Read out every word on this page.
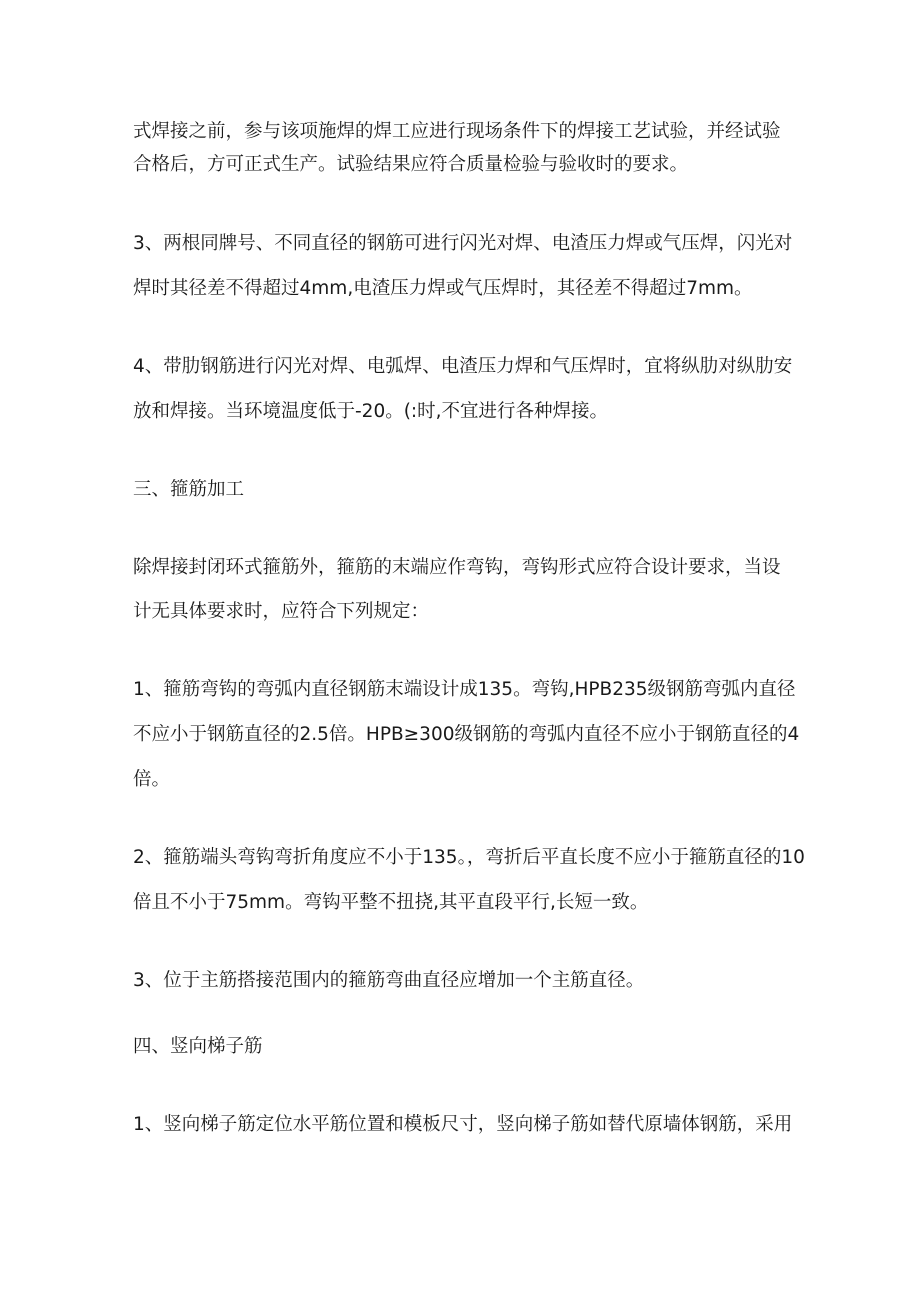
式焊接之前，参与该项施焊的焊工应进行现场条件下的焊接工艺试验，并经试验
合格后，方可正式生产。试验结果应符合质量检验与验收时的要求。
3、两根同牌号、不同直径的钢筋可进行闪光对焊、电渣压力焊或气压焊，闪光对
焊时其径差不得超过4mm,电渣压力焊或气压焊时，其径差不得超过7mm。
4、带肋钢筋进行闪光对焊、电弧焊、电渣压力焊和气压焊时，宜将纵肋对纵肋安
放和焊接。当环境温度低于-20。(:时,不宜进行各种焊接。
三、箍筋加工
除焊接封闭环式箍筋外，箍筋的末端应作弯钩，弯钩形式应符合设计要求，当设
计无具体要求时，应符合下列规定：
1、箍筋弯钩的弯弧内直径钢筋末端设计成135。弯钩,HPB235级钢筋弯弧内直径
不应小于钢筋直径的2.5倍。HPB≥300级钢筋的弯弧内直径不应小于钢筋直径的4
倍。
2、箍筋端头弯钩弯折角度应不小于135。，弯折后平直长度不应小于箍筋直径的10
倍且不小于75mm。弯钩平整不扭挠,其平直段平行,长短一致。
3、位于主筋搭接范围内的箍筋弯曲直径应增加一个主筋直径。
四、竖向梯子筋
1、竖向梯子筋定位水平筋位置和模板尺寸，竖向梯子筋如替代原墙体钢筋，采用
